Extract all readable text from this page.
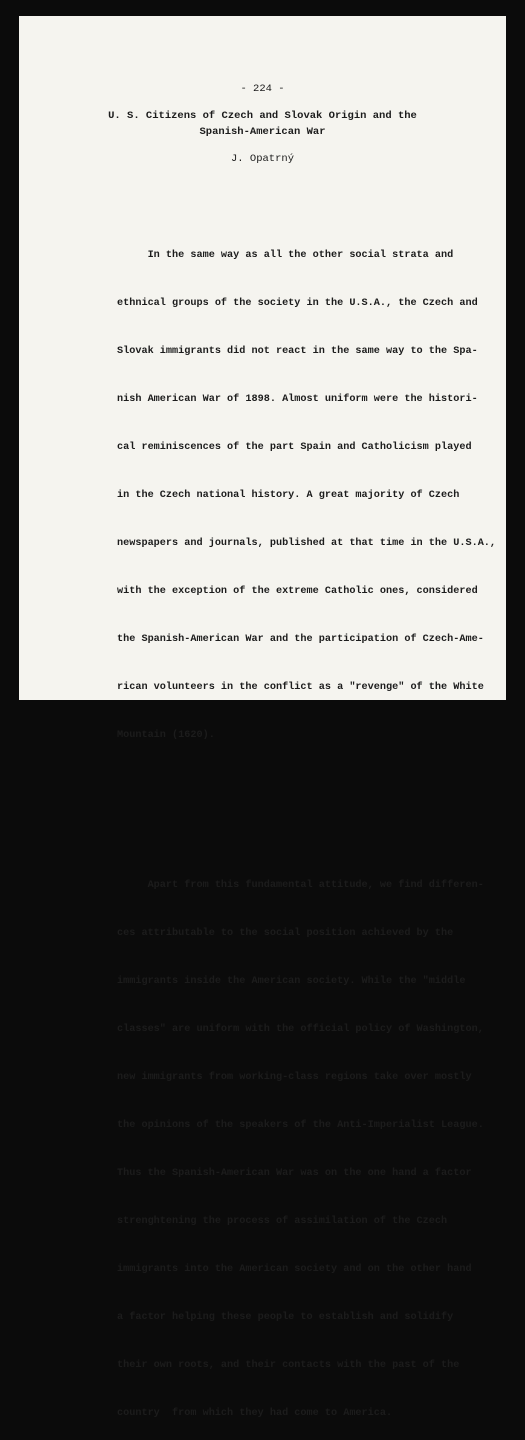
- 224 -
U. S. Citizens of Czech and Slovak Origin and the
Spanish-American War
J. Opatrný

In the same way as all the other social strata and

ethnical groups of the society in the U.S.A., the Czech and

Slovak immigrants did not react in the same way to the Spa-

nish American War of 1898. Almost uniform were the histori-

cal reminiscences of the part Spain and Catholicism played

in the Czech national history. A great majority of Czech

newspapers and journals, published at that time in the U.S.A.,

with the exception of the extreme Catholic ones, considered

the Spanish-American War and the participation of Czech-Ame-

rican volunteers in the conflict as a "revenge" of the White

Mountain (1620).

Apart from this fundamental attitude, we find differen-

ces attributable to the social position achieved by the

immigrants inside the American society. While the "middle

classes" are uniform with the official policy of Washington,

new immigrants from working-class regions take over mostly

the opinions of the speakers of the Anti-Imperialist League.

Thus the Spanish-American War was on the one hand a factor

strenghtening the process of assimilation of the Czech

immigrants into the American society and on the other hand

a factor helping these people to establish and solidify

their own roots, and their contacts with the past of the

country  from which they had come to America.
